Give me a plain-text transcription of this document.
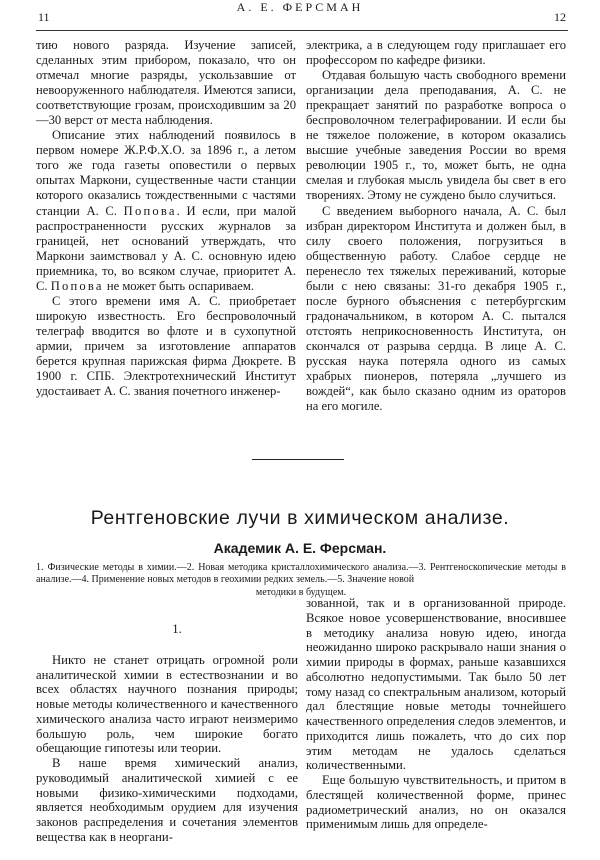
11
А. Е. ФЕРСМАН
12

тию нового разряда. Изучение записей, сделанных этим прибором, показало, что он отмечал многие разряды, ускользавшие от невооруженного наблюдателя. Имеются записи, соответствующие грозам, происходившим за 20—30 верст от места наблюдения.

Описание этих наблюдений появилось в первом номере Ж.Р.Ф.Х.О. за 1896 г., а летом того же года газеты оповестили о первых опытах Маркони, существенные части станции которого оказались тождественными с частями станции А. С. Попова. И если, при малой распространенности русских журналов за границей, нет оснований утверждать, что Маркони заимствовал у А. С. основную идею приемника, то, во всяком случае, приоритет А. С. Попова не может быть оспариваем.

С этого времени имя А. С. приобретает широкую известность. Его беспроволочный телеграф вводится во флоте и в сухопутной армии, причем за изготовление аппаратов берется крупная парижская фирма Дюкрете. В 1900 г. СПБ. Электротехнический Институт удостаивает А. С. звания почетного инженер-

электрика, а в следующем году приглашает его профессором по кафедре физики.

Отдавая большую часть свободного времени организации дела преподавания, А. С. не прекращает занятий по разработке вопроса о беспроволочном телеграфировании. И если бы не тяжелое положение, в котором оказались высшие учебные заведения России во время революции 1905 г., то, может быть, не одна смелая и глубокая мысль увидела бы свет в его творениях. Этому не суждено было случиться.

С введением выборного начала, А. С. был избран директором Института и должен был, в силу своего положения, погрузиться в общественную работу. Слабое сердце не перенесло тех тяжелых переживаний, которые были с нею связаны: 31-го декабря 1905 г., после бурного объяснения с петербургским градоначальником, в котором А. С. пытался отстоять неприкосновенность Института, он скончался от разрыва сердца. В лице А. С. русская наука потеряла одного из самых храбрых пионеров, потеряла „лучшего из вождей“, как было сказано одним из ораторов на его могиле.

Рентгеновские лучи в химическом анализе.
Академик А. Е. Ферсман.
1. Физические методы в химии.—2. Новая методика кристаллохимического анализа.—3. Рентгеноскопические методы в анализе.—4. Применение новых методов в геохимии редких земель.—5. Значение новой
методики в будущем.

1.

Никто не станет отрицать огромной роли аналитической химии в естествознании и во всех областях научного познания природы; новые методы количественного и качественного химического анализа часто играют неизмеримо большую роль, чем широкие богато обещающие гипотезы или теории.

В наше время химический анализ, руководимый аналитической химией с ее новыми физико-химическими подходами, является необходимым орудием для изучения законов распределения и сочетания элементов вещества как в неоргани-

зованной, так и в организованной природе. Всякое новое усовершенствование, вносившее в методику анализа новую идею, иногда неожиданно широко раскрывало наши знания о химии природы в формах, раньше казавшихся абсолютно недопустимыми. Так было 50 лет тому назад со спектральным анализом, который дал блестящие новые методы точнейшего качественного определения следов элементов, и приходится лишь пожалеть, что до сих пор этим методам не удалось сделаться количественными.

Еще большую чувствительность, и притом в блестящей количественной форме, принес радиометрический анализ, но он оказался применимым лишь для определе-
